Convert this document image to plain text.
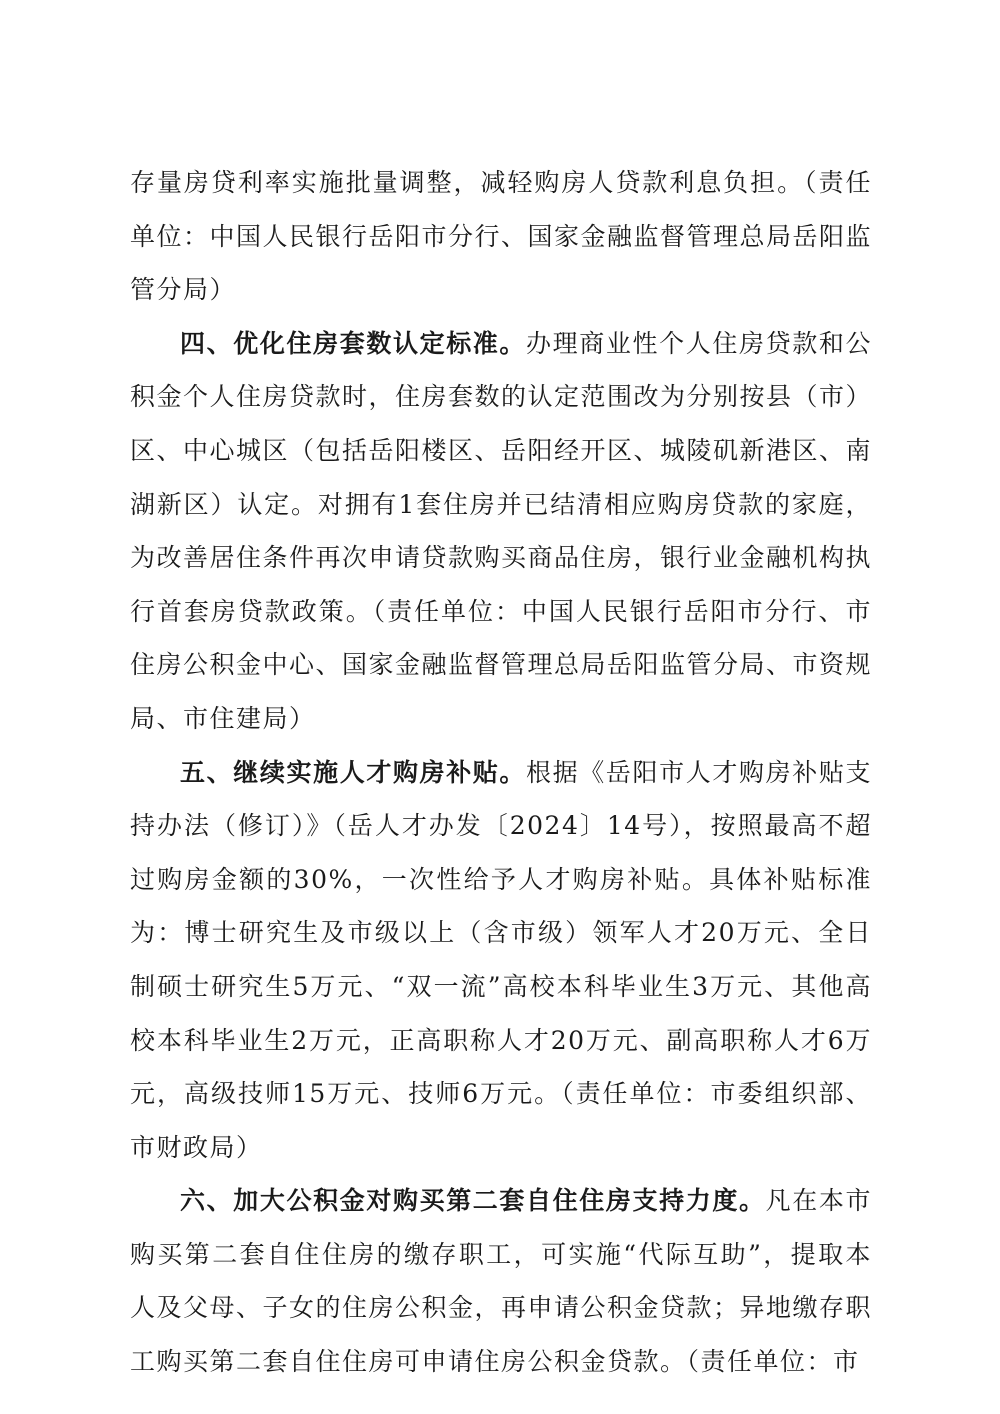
存量房贷利率实施批量调整，减轻购房人贷款利息负担。（责任单位：中国人民银行岳阳市分行、国家金融监督管理总局岳阳监管分局）

四、优化住房套数认定标准。办理商业性个人住房贷款和公积金个人住房贷款时，住房套数的认定范围改为分别按县（市）区、中心城区（包括岳阳楼区、岳阳经开区、城陵矶新港区、南湖新区）认定。对拥有1套住房并已结清相应购房贷款的家庭，为改善居住条件再次申请贷款购买商品住房，银行业金融机构执行首套房贷款政策。（责任单位：中国人民银行岳阳市分行、市住房公积金中心、国家金融监督管理总局岳阳监管分局、市资规局、市住建局）

五、继续实施人才购房补贴。根据《岳阳市人才购房补贴支持办法（修订）》（岳人才办发〔2024〕14号），按照最高不超过购房金额的30%，一次性给予人才购房补贴。具体补贴标准为：博士研究生及市级以上（含市级）领军人才20万元、全日制硕士研究生5万元、“双一流”高校本科毕业生3万元、其他高校本科毕业生2万元，正高职称人才20万元、副高职称人才6万元，高级技师15万元、技师6万元。（责任单位：市委组织部、市财政局）

六、加大公积金对购买第二套自住住房支持力度。凡在本市购买第二套自住住房的缴存职工，可实施“代际互助”，提取本人及父母、子女的住房公积金，再申请公积金贷款；异地缴存职工购买第二套自住住房可申请住房公积金贷款。（责任单位：市
